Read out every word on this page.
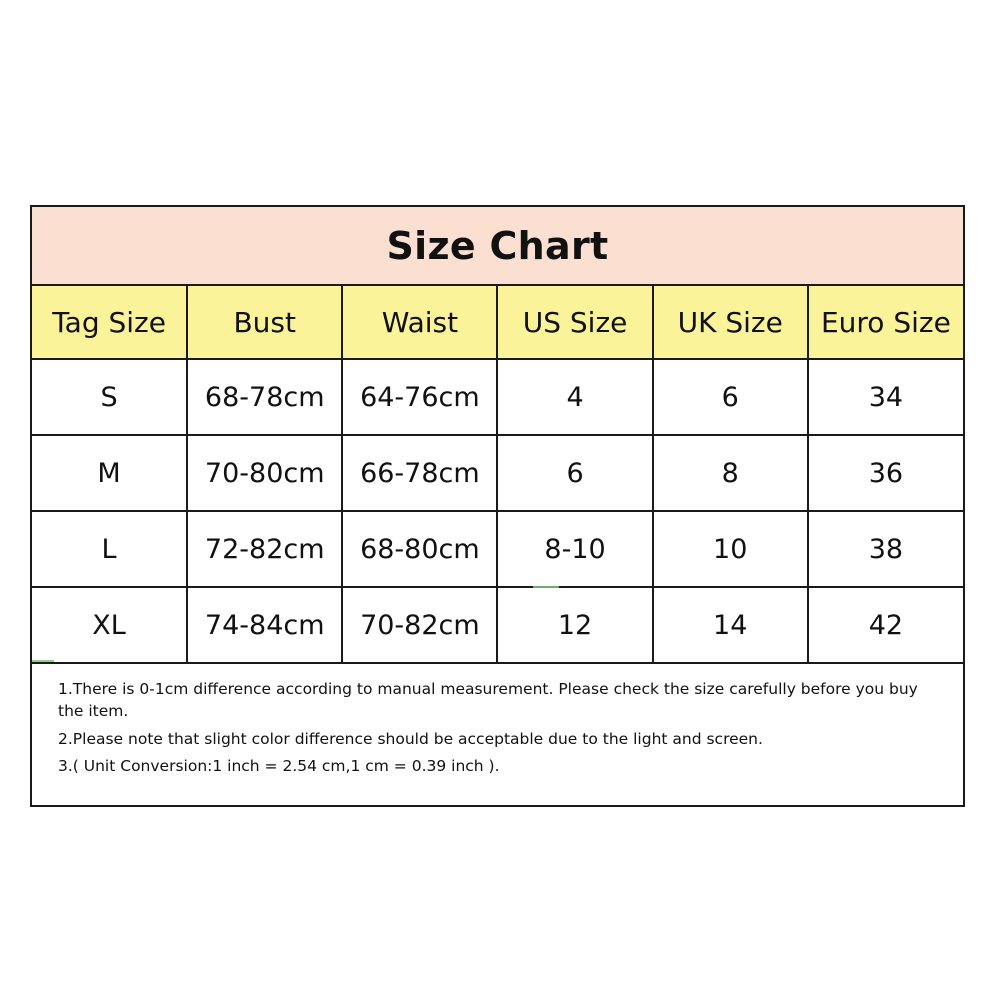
Size Chart
Tag Size	Bust	Waist	US Size	UK Size	Euro Size
S	68-78cm	64-76cm	4	6	34
M	70-80cm	66-78cm	6	8	36
L	72-82cm	68-80cm	8-10	10	38
XL	74-84cm	70-82cm	12	14	42

1.There is 0-1cm difference according to manual measurement. Please check the size carefully before you buy the item.

2.Please note that slight color difference should be acceptable due to the light and screen.

3.( Unit Conversion:1 inch = 2.54 cm,1 cm = 0.39 inch ).
